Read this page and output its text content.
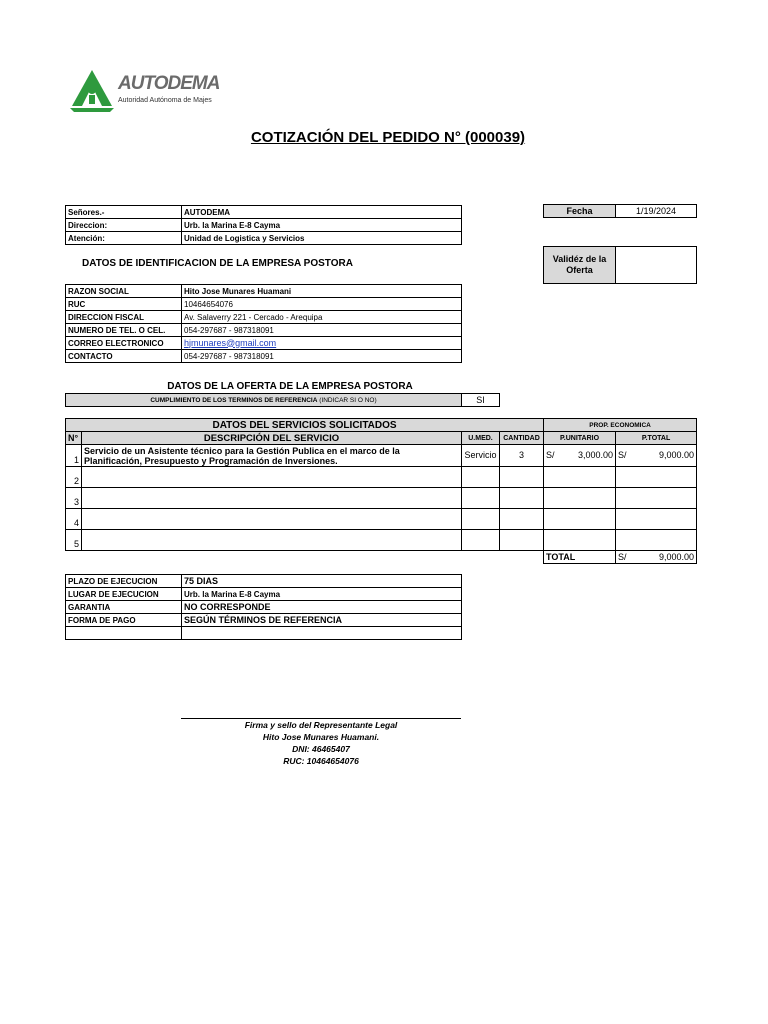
AUTODEMA
Autoridad Autónoma de Majes
COTIZACIÓN DEL PEDIDO N° (000039)
Señores.-	AUTODEMA
Direccion:	Urb. la Marina E-8 Cayma
Atención:	Unidad de Logistica y Servicios
Fecha	1/19/2024
Validéz de la Oferta	
DATOS DE IDENTIFICACION DE LA EMPRESA POSTORA
RAZON SOCIAL	Hito Jose Munares Huamani
RUC	10464654076
DIRECCION FISCAL	Av. Salaverry 221 - Cercado - Arequipa
NUMERO DE TEL. O CEL.	054-297687 - 987318091
CORREO ELECTRONICO	hjmunares@gmail.com
CONTACTO	054-297687 - 987318091
DATOS DE LA OFERTA DE LA EMPRESA POSTORA
CUMPLIMIENTO DE LOS TERMINOS DE REFERENCIA (INDICAR SI O NO)	SI
DATOS DEL SERVICIOS SOLICITADOS				PROP. ECONOMICA	
N°	DESCRIPCIÓN DEL SERVICIO	U.MED.	CANTIDAD	P.UNITARIO	P.TOTAL
1	Servicio de un Asistente técnico para la Gestión Publica en el marco de la Planificación, Presupuesto y Programación de Inversiones.	Servicio	3	S/ 3,000.00	S/ 9,000.00

2					
3					
4					
5					
				TOTAL	S/ 9,000.00
PLAZO DE EJECUCION	75 DIAS
LUGAR DE EJECUCION	Urb. la Marina E-8 Cayma
GARANTIA	NO CORRESPONDE
FORMA DE PAGO	SEGÚN TÉRMINOS DE REFERENCIA

Firma y sello del Representante Legal
Hito Jose Munares Huamani.
DNI: 46465407
RUC: 10464654076
